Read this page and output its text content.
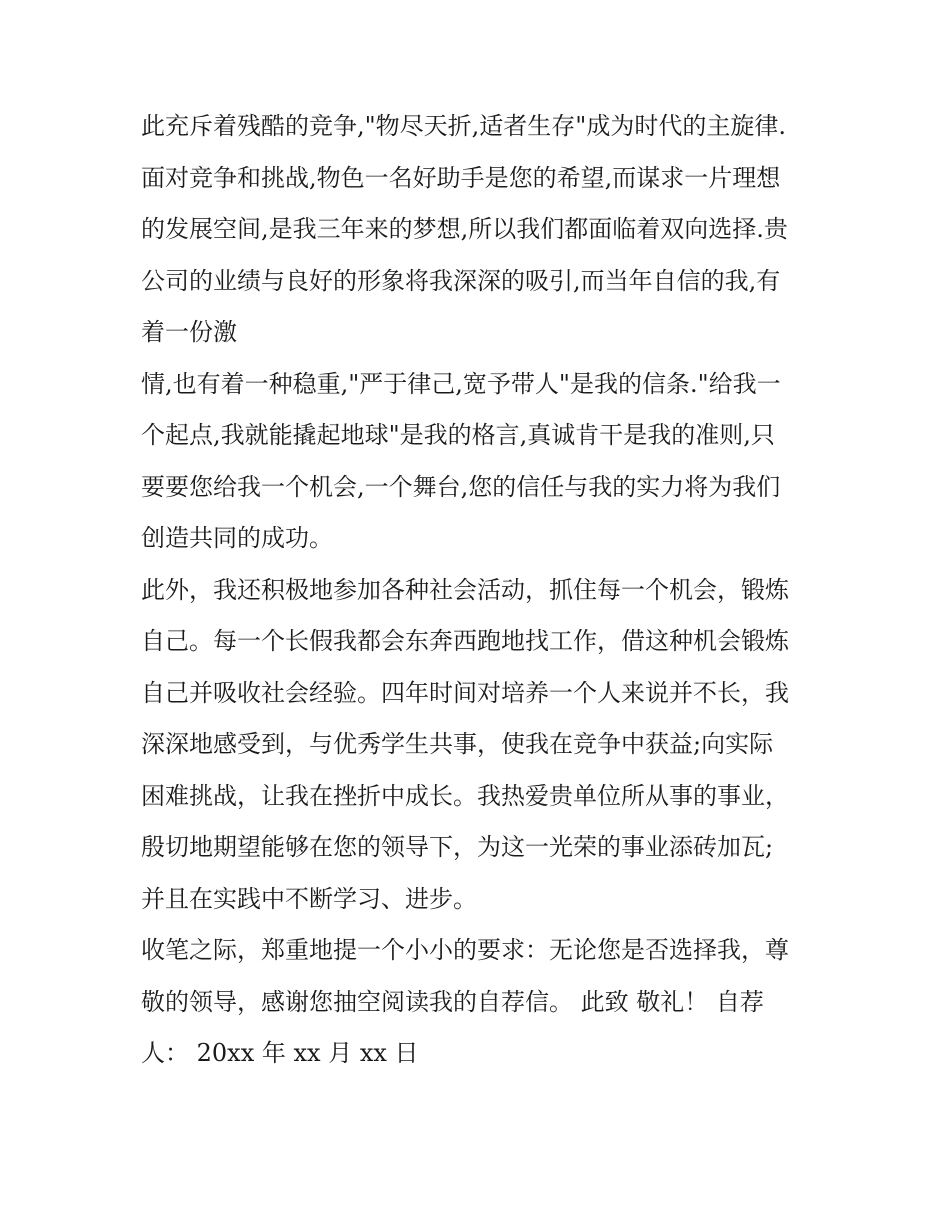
此充斥着残酷的竞争,"物尽天折,适者生存"成为时代的主旋律.
面对竞争和挑战,物色一名好助手是您的希望,而谋求一片理想
的发展空间,是我三年来的梦想,所以我们都面临着双向选择.贵
公司的业绩与良好的形象将我深深的吸引,而当年自信的我,有
着一份激
情,也有着一种稳重,"严于律己,宽予带人"是我的信条."给我一
个起点,我就能撬起地球"是我的格言,真诚肯干是我的准则,只
要要您给我一个机会,一个舞台,您的信任与我的实力将为我们
创造共同的成功。
此外，我还积极地参加各种社会活动，抓住每一个机会，锻炼
自己。每一个长假我都会东奔西跑地找工作，借这种机会锻炼
自己并吸收社会经验。四年时间对培养一个人来说并不长，我
深深地感受到，与优秀学生共事，使我在竞争中获益;向实际
困难挑战，让我在挫折中成长。我热爱贵单位所从事的事业，
殷切地期望能够在您的领导下，为这一光荣的事业添砖加瓦;
并且在实践中不断学习、进步。
收笔之际，郑重地提一个小小的要求：无论您是否选择我，尊
敬的领导，感谢您抽空阅读我的自荐信。 此致 敬礼！ 自荐
人： 20xx 年 xx 月 xx 日
